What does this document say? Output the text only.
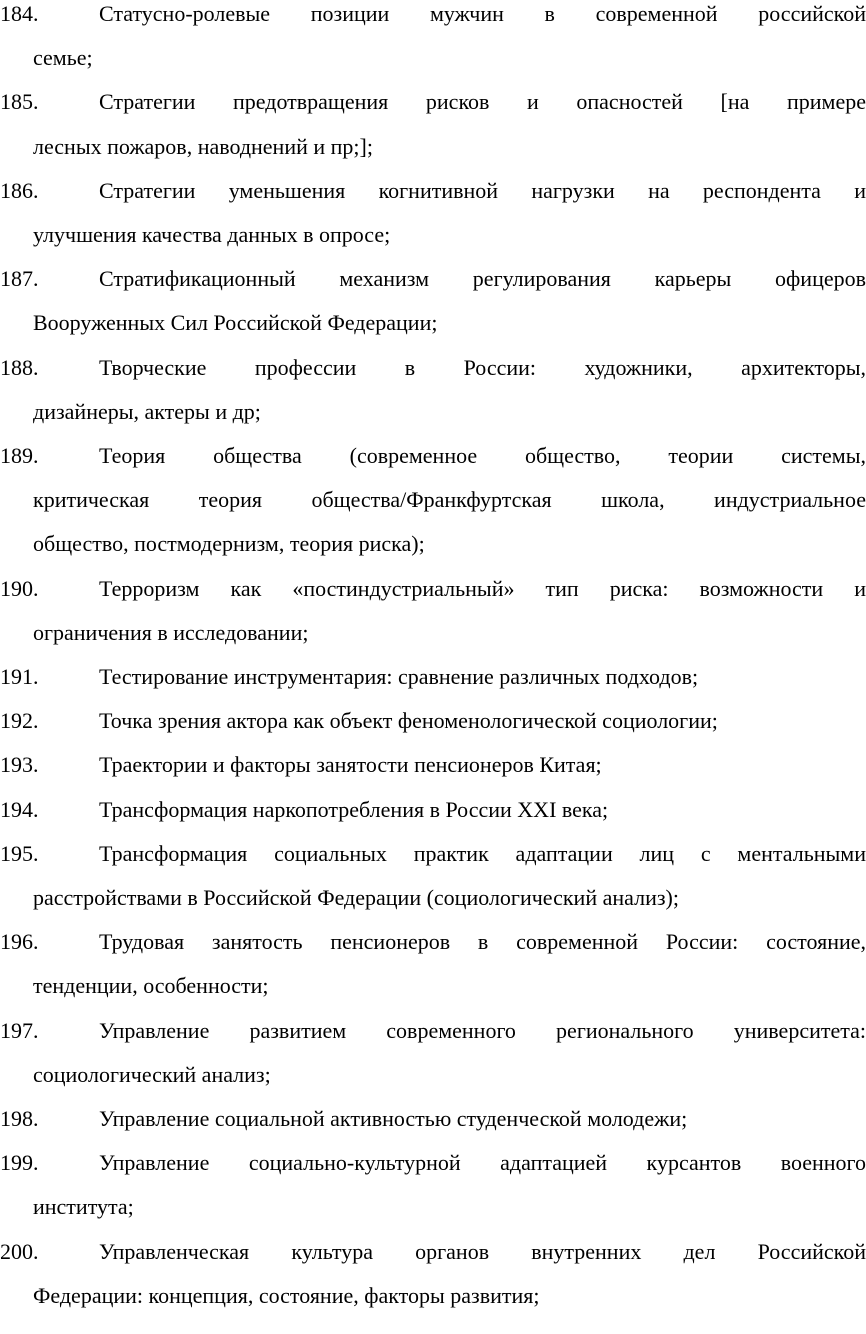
184.	Статусно-ролевые позиции мужчин в современной российской
семье;
185.	Стратегии предотвращения рисков и опасностей [на примере
лесных пожаров, наводнений и пр;];
186.	Стратегии уменьшения когнитивной нагрузки на респондента и
улучшения качества данных в опросе;
187.	Стратификационный механизм регулирования карьеры офицеров
Вооруженных Сил Российской Федерации;
188.	Творческие профессии в России: художники, архитекторы,
дизайнеры, актеры и др;
189.	Теория общества (современное общество, теории системы,
критическая теория общества/Франкфуртская школа, индустриальное
общество, постмодернизм, теория риска);
190.	Терроризм как «постиндустриальный» тип риска: возможности и
ограничения в исследовании;
191.	Тестирование инструментария: сравнение различных подходов;
192.	Точка зрения актора как объект феноменологической социологии;
193.	Траектории и факторы занятости пенсионеров Китая;
194.	Трансформация наркопотребления в России XXI века;
195.	Трансформация социальных практик адаптации лиц с ментальными
расстройствами в Российской Федерации (социологический анализ);
196.	Трудовая занятость пенсионеров в современной России: состояние,
тенденции, особенности;
197.	Управление развитием современного регионального университета:
социологический анализ;
198.	Управление социальной активностью студенческой молодежи;
199.	Управление социально-культурной адаптацией курсантов военного
института;
200.	Управленческая культура органов внутренних дел Российской
Федерации: концепция, состояние, факторы развития;
